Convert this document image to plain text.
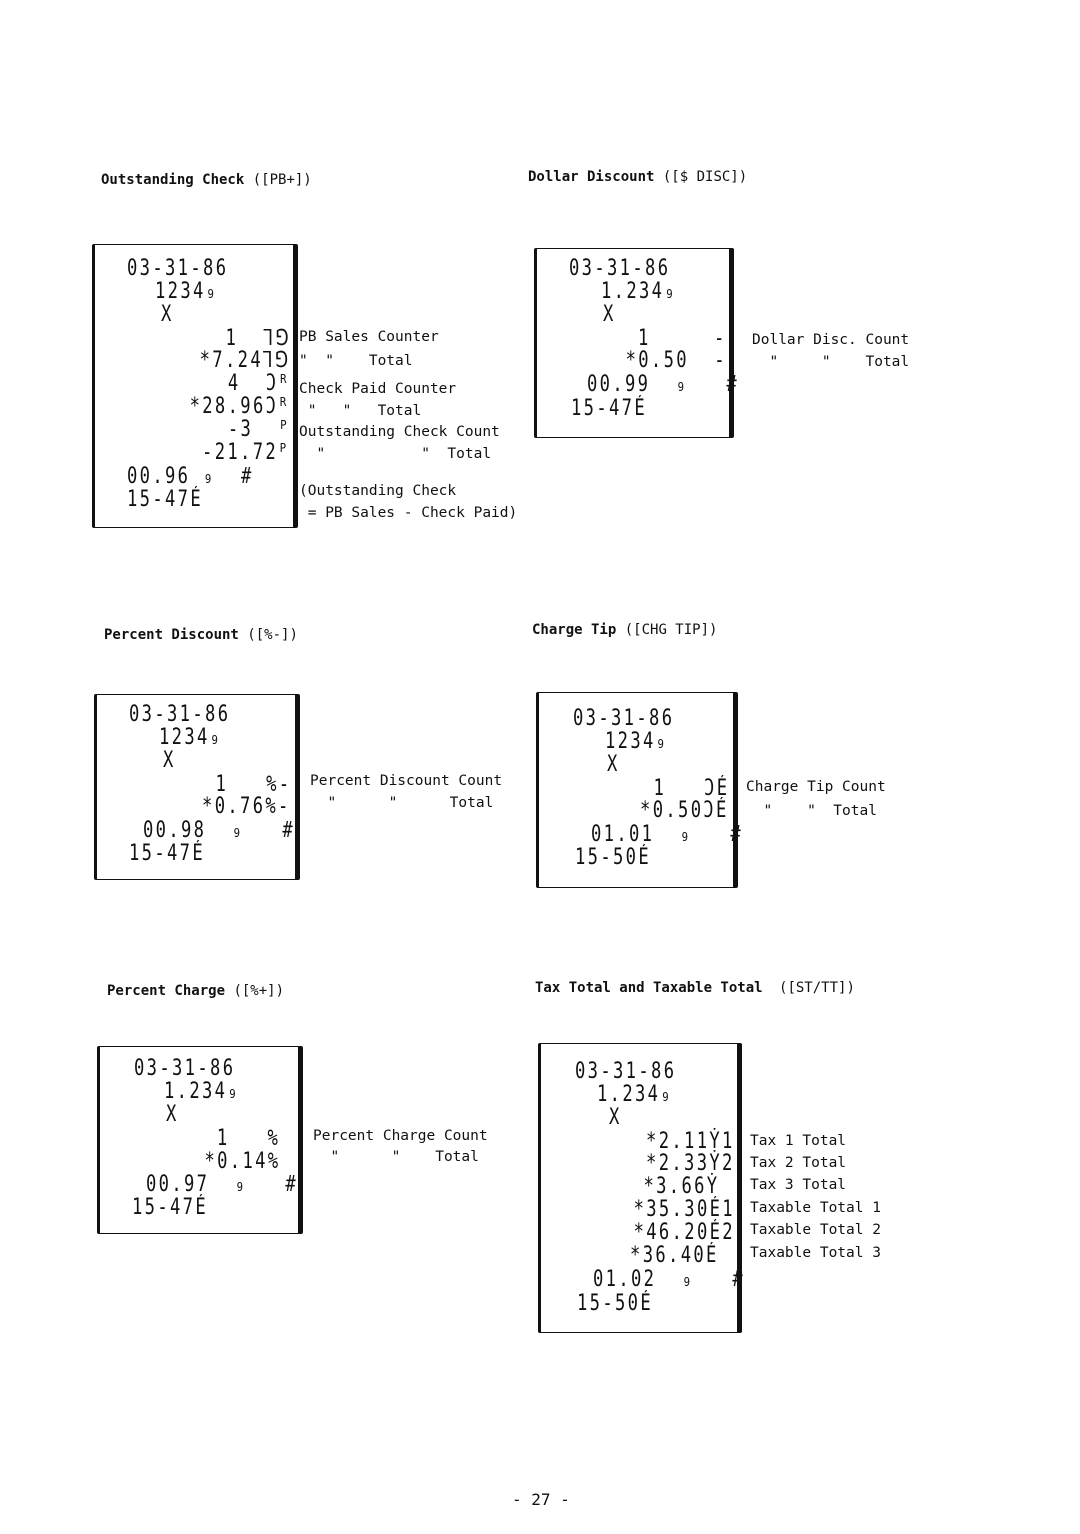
Outstanding Check ([PB+])
03-31-86
1234₉
X
1  ⅂⅁
*7.24⅂⅁
4  Ɔᴿ
*28.96Ɔᴿ
-3  ᴾ
-21.72ᴾ
00.96 ₉  #
15-47É
PB Sales Counter
"  "    Total
Check Paid Counter
"   "   Total
Outstanding Check Count
"           "  Total
(Outstanding Check
= PB Sales - Check Paid)
Dollar Discount ([$ DISC])
03-31-86
1.234₉
X
1     -
*0.50  -
00.99  ₉   #
15-47É
Dollar Disc. Count
"     "    Total
Percent Discount ([%-])
03-31-86
1234₉
X
1   %-
*0.76%-
00.98  ₉   #
15-47É
Percent Discount Count
"      "      Total
Charge Tip ([CHG TIP])
03-31-86
1234₉
X
1   ƆÉ
*0.50ƆÉ
01.01  ₉   #
15-50É
Charge Tip Count
"    "  Total
Percent Charge ([%+])
03-31-86
1.234₉
X
1   %
*0.14%
00.97  ₉   #
15-47É
Percent Charge Count
"      "    Total
Tax Total and Taxable Total ([ST/TT])
03-31-86
1.234₉
X
*2.11Ẏ1
*2.33Ẏ2
*3.66Ẏ
*35.30É1
*46.20É2
*36.40É
01.02  ₉   #
15-50É
Tax 1 Total
Tax 2 Total
Tax 3 Total
Taxable Total 1
Taxable Total 2
Taxable Total 3
- 27 -
